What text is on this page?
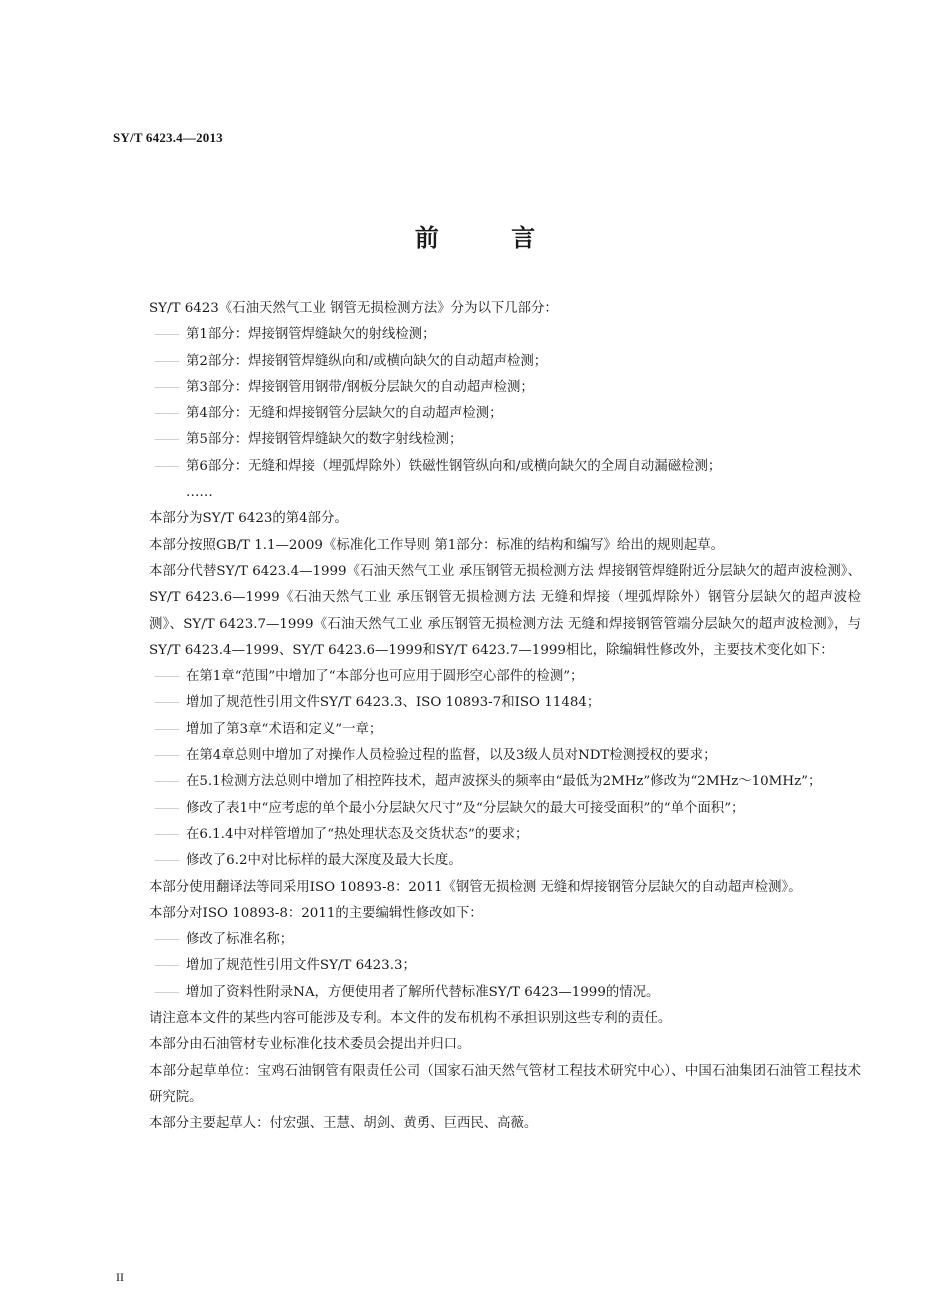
SY/T 6423.4—2013
前 言

SY/T 6423《石油天然气工业 钢管无损检测方法》分为以下几部分：

—— 第1部分：焊接钢管焊缝缺欠的射线检测；

—— 第2部分：焊接钢管焊缝纵向和/或横向缺欠的自动超声检测；

—— 第3部分：焊接钢管用钢带/钢板分层缺欠的自动超声检测；

—— 第4部分：无缝和焊接钢管分层缺欠的自动超声检测；

—— 第5部分：焊接钢管焊缝缺欠的数字射线检测；

—— 第6部分：无缝和焊接（埋弧焊除外）铁磁性钢管纵向和/或横向缺欠的全周自动漏磁检测；

……

本部分为SY/T 6423的第4部分。

本部分按照GB/T 1.1—2009《标准化工作导则 第1部分：标准的结构和编写》给出的规则起草。

本部分代替SY/T 6423.4—1999《石油天然气工业 承压钢管无损检测方法 焊接钢管焊缝附近分层缺欠的超声波检测》、SY/T 6423.6—1999《石油天然气工业 承压钢管无损检测方法 无缝和焊接（埋弧焊除外）钢管分层缺欠的超声波检测》、SY/T 6423.7—1999《石油天然气工业 承压钢管无损检测方法 无缝和焊接钢管管端分层缺欠的超声波检测》，与SY/T 6423.4—1999、SY/T 6423.6—1999和SY/T 6423.7—1999相比，除编辑性修改外，主要技术变化如下：

—— 在第1章“范围”中增加了“本部分也可应用于圆形空心部件的检测”；

—— 增加了规范性引用文件SY/T 6423.3、ISO 10893-7和ISO 11484；

—— 增加了第3章“术语和定义”一章；

—— 在第4章总则中增加了对操作人员检验过程的监督，以及3级人员对NDT检测授权的要求；

—— 在5.1检测方法总则中增加了相控阵技术，超声波探头的频率由“最低为2MHz”修改为“2MHz～10MHz”；

—— 修改了表1中“应考虑的单个最小分层缺欠尺寸”及“分层缺欠的最大可接受面积”的“单个面积”；

—— 在6.1.4中对样管增加了“热处理状态及交货状态”的要求；

—— 修改了6.2中对比标样的最大深度及最大长度。

本部分使用翻译法等同采用ISO 10893-8：2011《钢管无损检测 无缝和焊接钢管分层缺欠的自动超声检测》。

本部分对ISO 10893-8：2011的主要编辑性修改如下：

—— 修改了标准名称；

—— 增加了规范性引用文件SY/T 6423.3；

—— 增加了资料性附录NA，方便使用者了解所代替标准SY/T 6423—1999的情况。

请注意本文件的某些内容可能涉及专利。本文件的发布机构不承担识别这些专利的责任。

本部分由石油管材专业标准化技术委员会提出并归口。

本部分起草单位：宝鸡石油钢管有限责任公司（国家石油天然气管材工程技术研究中心）、中国石油集团石油管工程技术研究院。

本部分主要起草人：付宏强、王慧、胡剑、黄勇、巨西民、高薇。

II
